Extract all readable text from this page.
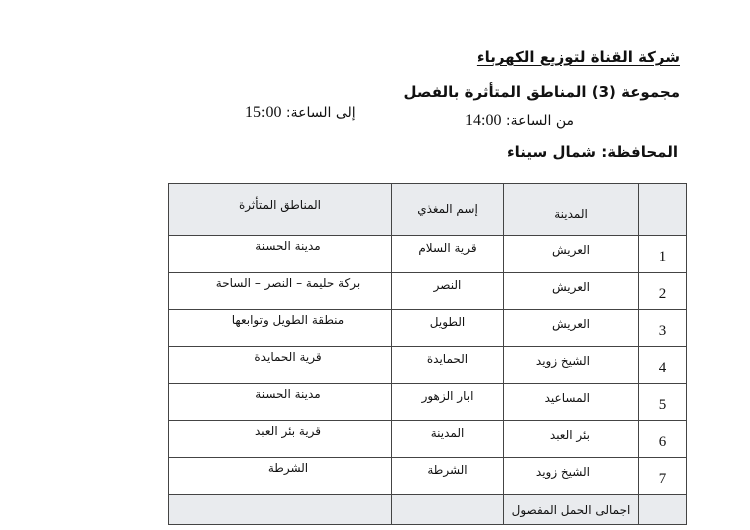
شركة القناة لتوزيع الكهرباء
مجموعة (3) المناطق المتأثرة بالفصل
من الساعة: 14:00
إلى الساعة: 15:00
المحافظة: شمال سيناء
	المدينة	إسم المغذي	المناطق المتأثرة
1	العريش	قرية السلام	مدينة الحسنة
2	العريش	النصر	بركة حليمة – النصر – الساحة
3	العريش	الطويل	منطقة الطويل وتوابعها
4	الشيخ زويد	الحمايدة	قرية الحمايدة
5	المساعيد	ابار الزهور	مدينة الحسنة
6	بئر العبد	المدينة	قرية بئر العبد
7	الشيخ زويد	الشرطة	الشرطة
	اجمالى الحمل المفصول		
